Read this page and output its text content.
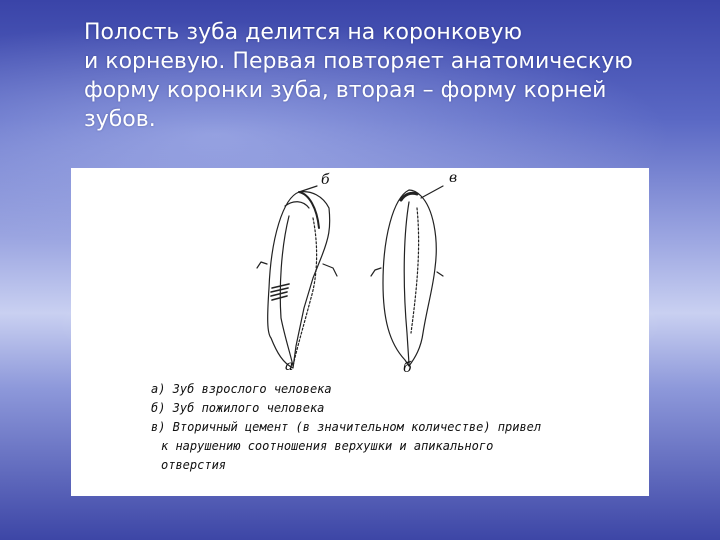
Полость зуба делится на коронковую
и корневую. Первая повторяет анатомическую
форму коронки зуба, вторая – форму корней
зубов.
б	в
а	б
а) Зуб взрослого человека
б) Зуб пожилого человека
в) Вторичный цемент (в значительном количестве) привел
к нарушению соотношения верхушки и апикального
отверстия
